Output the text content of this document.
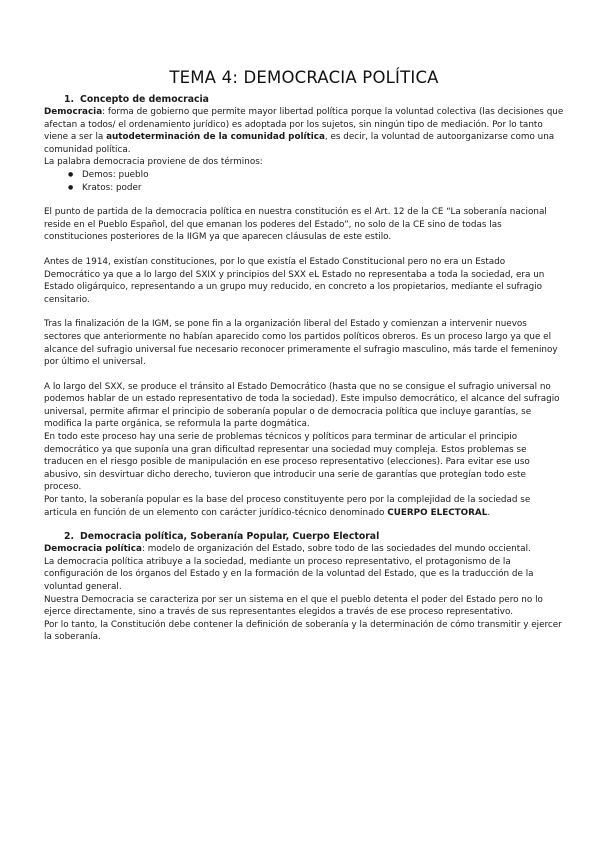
TEMA 4: DEMOCRACIA POLÍTICA
1. Concepto de democracia

Democracia: forma de gobierno que permite mayor libertad política porque la voluntad colectiva (las decisiones que afectan a todos/ el ordenamiento jurídico) es adoptada por los sujetos, sin ningún tipo de mediación. Por lo tanto viene a ser la autodeterminación de la comunidad política, es decir, la voluntad de autoorganizarse como una comunidad política.

La palabra democracia proviene de dos términos:

● Demos: pueblo
● Kratos: poder

El punto de partida de la democracia política en nuestra constitución es el Art. 12 de la CE “La soberanía nacional reside en el Pueblo Español, del que emanan los poderes del Estado”, no solo de la CE sino de todas las constituciones posteriores de la IIGM ya que aparecen cláusulas de este estilo.

Antes de 1914, existían constituciones, por lo que existía el Estado Constitucional pero no era un Estado Democrático ya que a lo largo del SXIX y principios del SXX eL Estado no representaba a toda la sociedad, era un Estado oligárquico, representando a un grupo muy reducido, en concreto a los propietarios, mediante el sufragio censitario.

Tras la finalización de la IGM, se pone fin a la organización liberal del Estado y comienzan a intervenir nuevos sectores que anteriormente no habían aparecido como los partidos políticos obreros. Es un proceso largo ya que el alcance del sufragio universal fue necesario reconocer primeramente el sufragio masculino, más tarde el femeninoy por último el universal.

A lo largo del SXX, se produce el tránsito al Estado Democrático (hasta que no se consigue el sufragio universal no podemos hablar de un estado representativo de toda la sociedad). Este impulso democrático, el alcance del sufragio universal, permite afirmar el principio de soberanía popular o de democracia política que incluye garantías, se modifica la parte orgánica, se reformula la parte dogmática.

En todo este proceso hay una serie de problemas técnicos y políticos para terminar de articular el principio democrático ya que suponía una gran dificultad representar una sociedad muy compleja. Estos problemas se traducen en el riesgo posible de manipulación en ese proceso representativo (elecciones). Para evitar ese uso abusivo, sin desvirtuar dicho derecho, tuvieron que introducir una serie de garantías que protegían todo este proceso.

Por tanto, la soberanía popular es la base del proceso constituyente pero por la complejidad de la sociedad se articula en función de un elemento con carácter jurídico-técnico denominado CUERPO ELECTORAL.

2. Democracia política, Soberanía Popular, Cuerpo Electoral

Democracia política: modelo de organización del Estado, sobre todo de las sociedades del mundo occiental.

La democracia política atribuye a la sociedad, mediante un proceso representativo, el protagonismo de la configuración de los órganos del Estado y en la formación de la voluntad del Estado, que es la traducción de la voluntad general.

Nuestra Democracia se caracteriza por ser un sistema en el que el pueblo detenta el poder del Estado pero no lo ejerce directamente, sino a través de sus representantes elegidos a través de ese proceso representativo.

Por lo tanto, la Constitución debe contener la definición de soberanía y la determinación de cómo transmitir y ejercer la soberanía.
